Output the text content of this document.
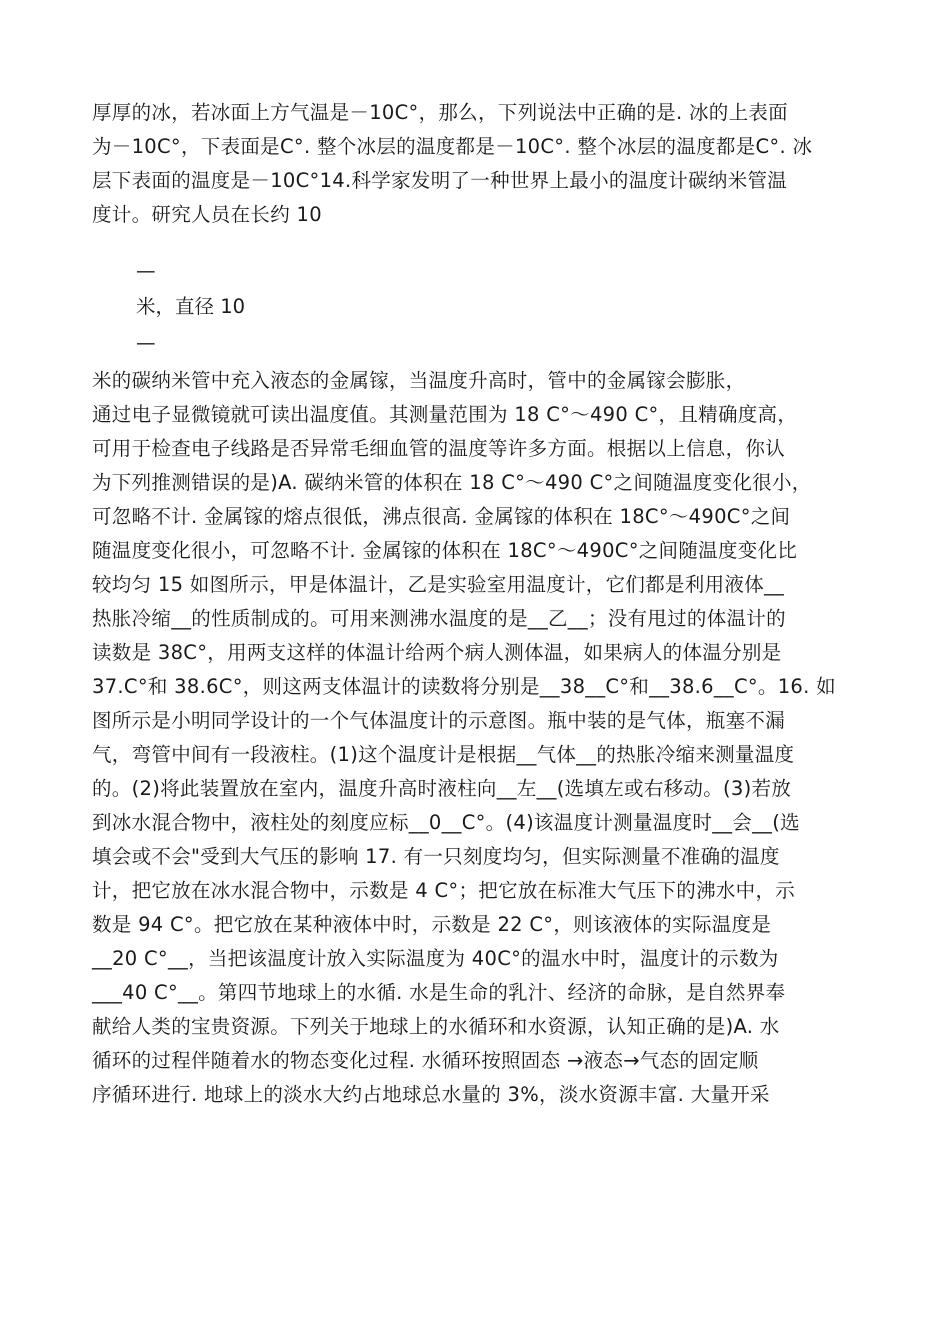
厚厚的冰，若冰面上方气温是－10C°，那么，下列说法中正确的是. 冰的上表面
为－10C°，下表面是C°. 整个冰层的温度都是－10C°. 整个冰层的温度都是C°. 冰
层下表面的温度是－10C°14.科学家发明了一种世界上最小的温度计碳纳米管温
度计。研究人员在长约 10
—
米，直径 10
—
米的碳纳米管中充入液态的金属镓，当温度升高时，管中的金属镓会膨胀，
通过电子显微镜就可读出温度值。其测量范围为 18 C°～490 C°，且精确度高，
可用于检查电子线路是否异常毛细血管的温度等许多方面。根据以上信息，你认
为下列推测错误的是)A. 碳纳米管的体积在 18 C°～490 C°之间随温度变化很小，
可忽略不计. 金属镓的熔点很低，沸点很高. 金属镓的体积在 18C°～490C°之间
随温度变化很小，可忽略不计. 金属镓的体积在 18C°～490C°之间随温度变化比
较均匀 15 如图所示，甲是体温计，乙是实验室用温度计，它们都是利用液体__
热胀冷缩__的性质制成的。可用来测沸水温度的是__乙__；没有甩过的体温计的
读数是 38C°，用两支这样的体温计给两个病人测体温，如果病人的体温分别是
37.C°和 38.6C°，则这两支体温计的读数将分别是__38__C°和__38.6__C°。16. 如
图所示是小明同学设计的一个气体温度计的示意图。瓶中装的是气体，瓶塞不漏
气，弯管中间有一段液柱。(1)这个温度计是根据__气体__的热胀冷缩来测量温度
的。(2)将此装置放在室内，温度升高时液柱向__左__(选填左或右移动。(3)若放
到冰水混合物中，液柱处的刻度应标__0__C°。(4)该温度计测量温度时__会__(选
填会或不会"受到大气压的影响 17. 有一只刻度均匀，但实际测量不准确的温度
计，把它放在冰水混合物中，示数是 4 C°；把它放在标准大气压下的沸水中，示
数是 94 C°。把它放在某种液体中时，示数是 22 C°，则该液体的实际温度是
__20 C°__，当把该温度计放入实际温度为 40C°的温水中时，温度计的示数为
___40 C°__。第四节地球上的水循. 水是生命的乳汁、经济的命脉，是自然界奉
献给人类的宝贵资源。下列关于地球上的水循环和水资源，认知正确的是)A. 水
循环的过程伴随着水的物态变化过程. 水循环按照固态 →液态→气态的固定顺
序循环进行. 地球上的淡水大约占地球总水量的 3%，淡水资源丰富. 大量开采
